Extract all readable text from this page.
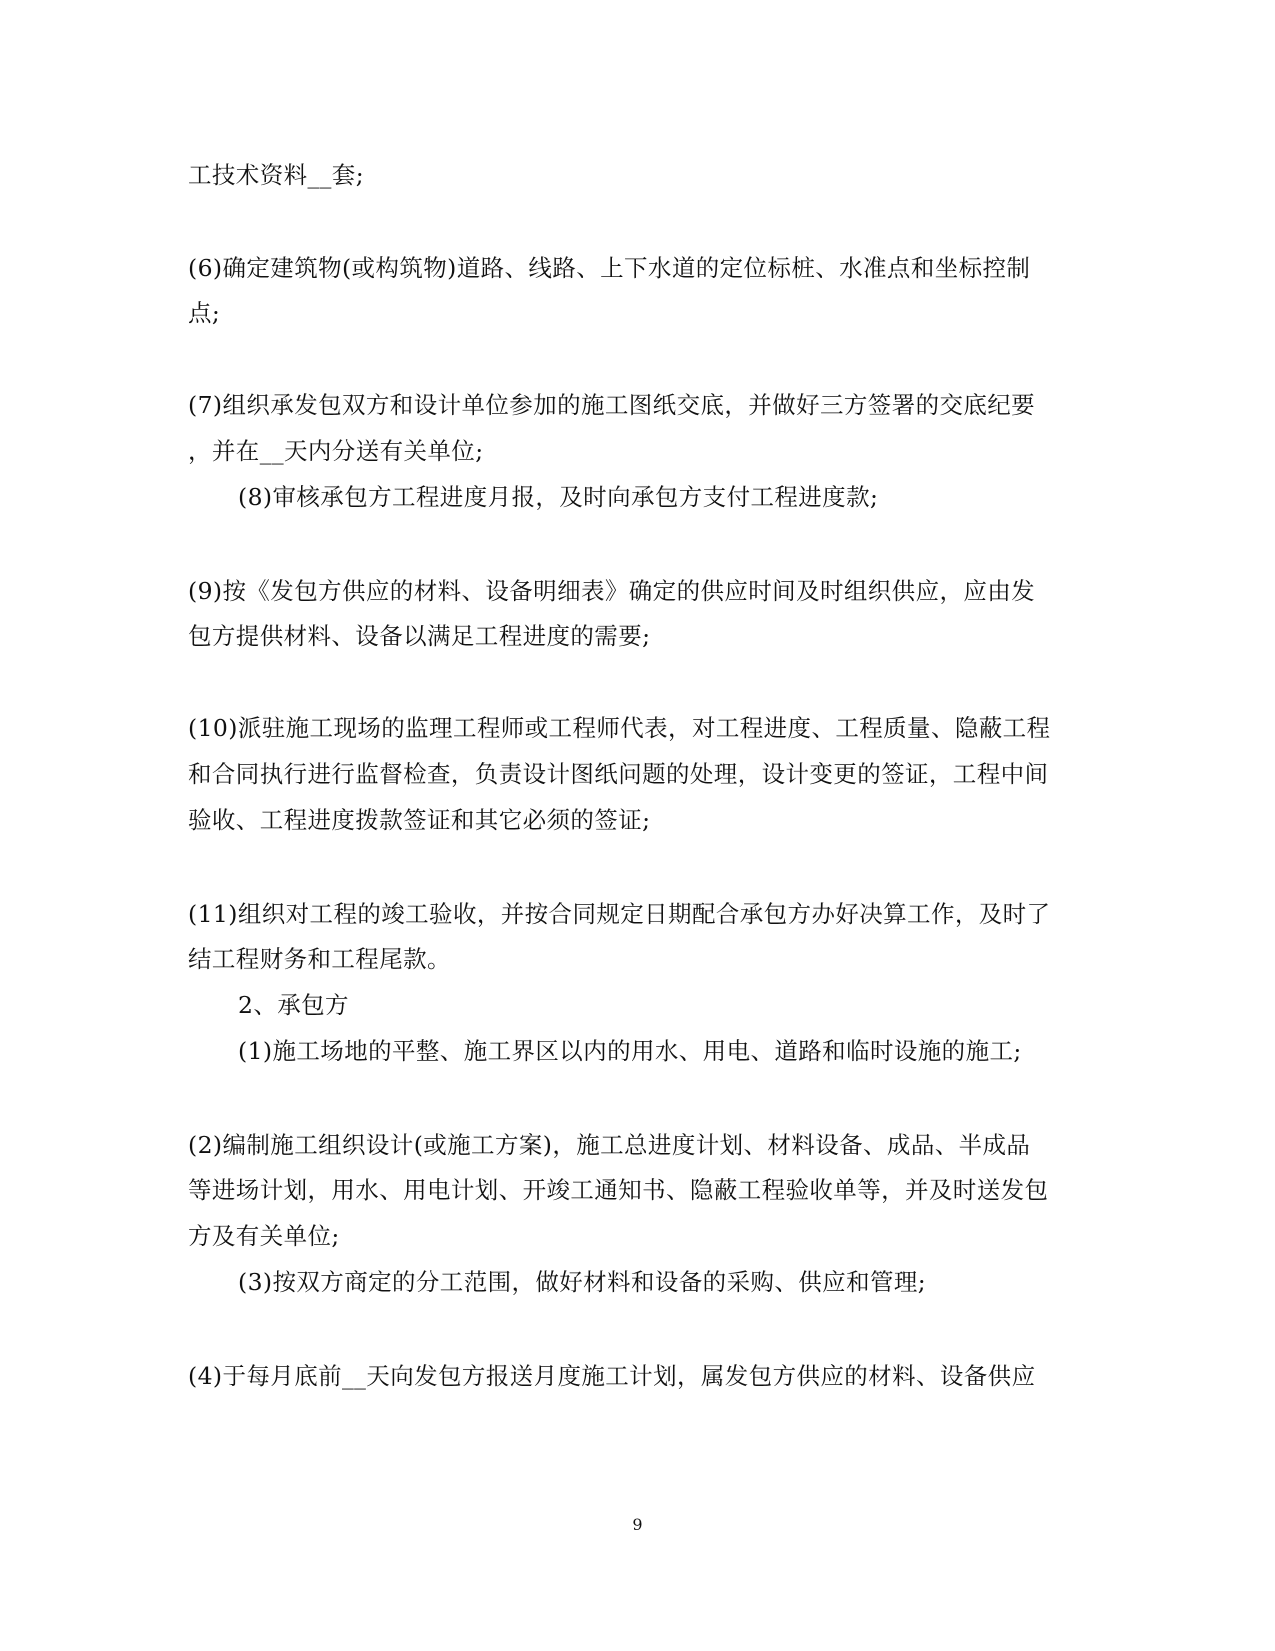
工技术资料__套;
(6)确定建筑物(或构筑物)道路、线路、上下水道的定位标桩、水准点和坐标控制
点;
(7)组织承发包双方和设计单位参加的施工图纸交底，并做好三方签署的交底纪要
，并在__天内分送有关单位;
(8)审核承包方工程进度月报，及时向承包方支付工程进度款;
(9)按《发包方供应的材料、设备明细表》确定的供应时间及时组织供应，应由发
包方提供材料、设备以满足工程进度的需要;
(10)派驻施工现场的监理工程师或工程师代表，对工程进度、工程质量、隐蔽工程
和合同执行进行监督检查，负责设计图纸问题的处理，设计变更的签证，工程中间
验收、工程进度拨款签证和其它必须的签证;
(11)组织对工程的竣工验收，并按合同规定日期配合承包方办好决算工作，及时了
结工程财务和工程尾款。
2、承包方
(1)施工场地的平整、施工界区以内的用水、用电、道路和临时设施的施工;
(2)编制施工组织设计(或施工方案)，施工总进度计划、材料设备、成品、半成品
等进场计划，用水、用电计划、开竣工通知书、隐蔽工程验收单等，并及时送发包
方及有关单位;
(3)按双方商定的分工范围，做好材料和设备的采购、供应和管理;
(4)于每月底前__天向发包方报送月度施工计划，属发包方供应的材料、设备供应
9
